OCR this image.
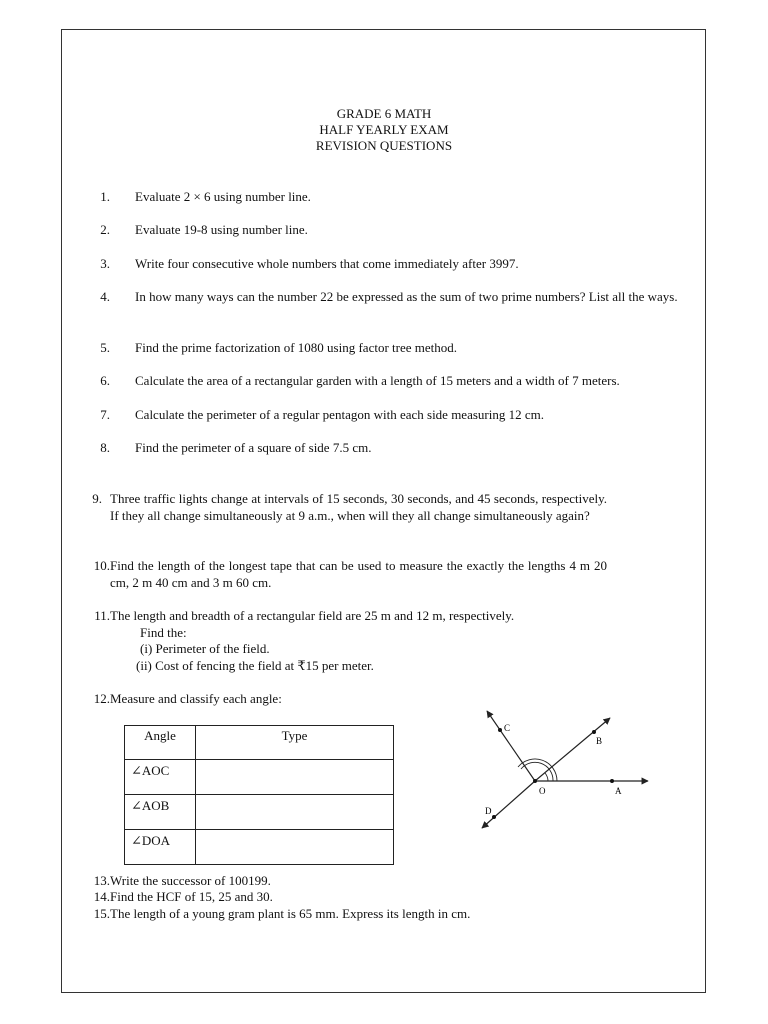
GRADE 6 MATH
HALF YEARLY EXAM
REVISION QUESTIONS
1. Evaluate 2 × 6 using number line.
2. Evaluate 19-8 using number line.
3. Write four consecutive whole numbers that come immediately after 3997.
4. In how many ways can the number 22 be expressed as the sum of two prime numbers? List all the ways.
5. Find the prime factorization of 1080 using factor tree method.
6. Calculate the area of a rectangular garden with a length of 15 meters and a width of 7 meters.
7. Calculate the perimeter of a regular pentagon with each side measuring 12 cm.
8. Find the perimeter of a square of side 7.5 cm.
9. Three traffic lights change at intervals of 15 seconds, 30 seconds, and 45 seconds, respectively. If they all change simultaneously at 9 a.m., when will they all change simultaneously again?
10. Find the length of the longest tape that can be used to measure the exactly the lengths 4 m 20 cm, 2 m 40 cm and 3 m 60 cm.
11. The length and breadth of a rectangular field are 25 m and 12 m, respectively.
Find the:
(i) Perimeter of the field.
(ii) Cost of fencing the field at ₹15 per meter.
12. Measure and classify each angle:
Angle	Type
∠AOC	
∠AOB	
∠DOA	
O	A
B
C
D
13. Write the successor of 100199.
14. Find the HCF of 15, 25 and 30.
15. The length of a young gram plant is 65 mm. Express its length in cm.
